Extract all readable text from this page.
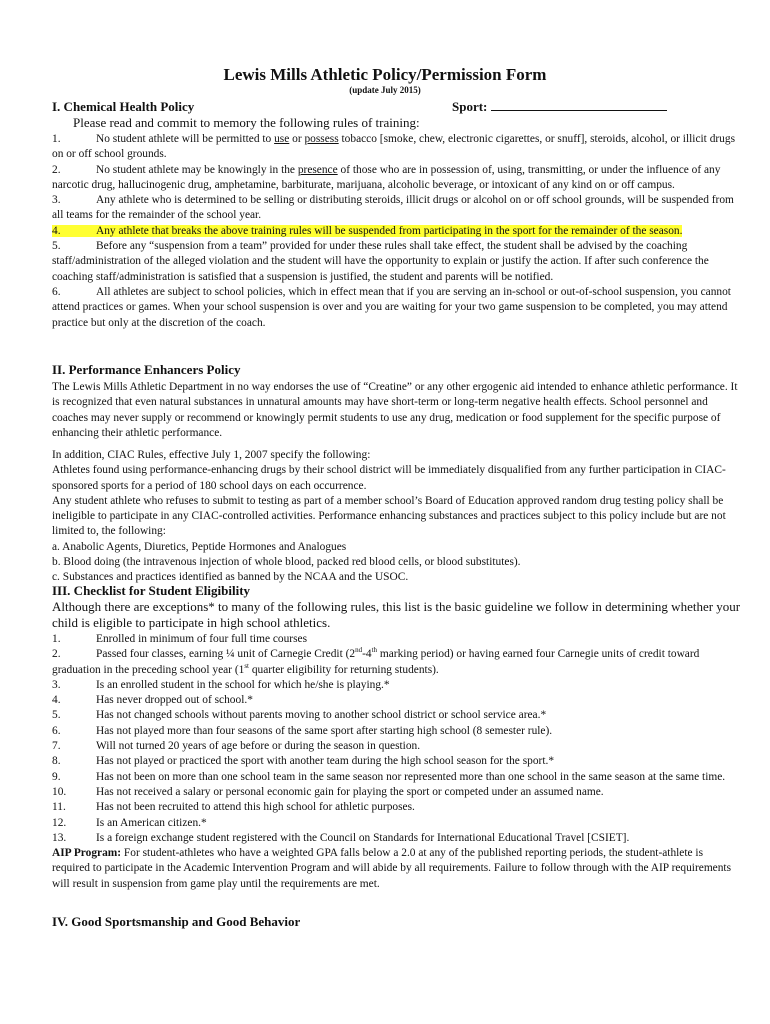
Lewis Mills Athletic Policy/Permission Form
(update July 2015)
I. Chemical Health Policy	Sport:
Please read and commit to memory the following rules of training:
1.	No student athlete will be permitted to use or possess tobacco [smoke, chew, electronic cigarettes, or snuff], steroids, alcohol, or illicit drugs on or off school grounds.
2.	No student athlete may be knowingly in the presence of those who are in possession of, using, transmitting, or under the influence of any narcotic drug, hallucinogenic drug, amphetamine, barbiturate, marijuana, alcoholic beverage, or intoxicant of any kind on or off campus.
3.	Any athlete who is determined to be selling or distributing steroids, illicit drugs or alcohol on or off school grounds, will be suspended from all teams for the remainder of the school year.
4.	Any athlete that breaks the above training rules will be suspended from participating in the sport for the remainder of the season.
5.	Before any “suspension from a team” provided for under these rules shall take effect, the student shall be advised by the coaching staff/administration of the alleged violation and the student will have the opportunity to explain or justify the action. If after such conference the coaching staff/administration is satisfied that a suspension is justified, the student and parents will be notified.
6.	All athletes are subject to school policies, which in effect mean that if you are serving an in-school or out-of-school suspension, you cannot attend practices or games. When your school suspension is over and you are waiting for your two game suspension to be completed, you may attend practice but only at the discretion of the coach.
II. Performance Enhancers Policy
The Lewis Mills Athletic Department in no way endorses the use of “Creatine” or any other ergogenic aid intended to enhance athletic performance. It is recognized that even natural substances in unnatural amounts may have short-term or long-term negative health effects. School personnel and coaches may never supply or recommend or knowingly permit students to use any drug, medication or food supplement for the specific purpose of enhancing their athletic performance.
In addition, CIAC Rules, effective July 1, 2007 specify the following:
Athletes found using performance-enhancing drugs by their school district will be immediately disqualified from any further participation in CIAC-sponsored sports for a period of 180 school days on each occurrence.
Any student athlete who refuses to submit to testing as part of a member school’s Board of Education approved random drug testing policy shall be ineligible to participate in any CIAC-controlled activities. Performance enhancing substances and practices subject to this policy include but are not limited to, the following:
a. Anabolic Agents, Diuretics, Peptide Hormones and Analogues
b. Blood doing (the intravenous injection of whole blood, packed red blood cells, or blood substitutes).
c. Substances and practices identified as banned by the NCAA and the USOC.
III. Checklist for Student Eligibility
Although there are exceptions* to many of the following rules, this list is the basic guideline we follow in determining whether your child is eligible to participate in high school athletics.
1.	Enrolled in minimum of four full time courses
2.	Passed four classes, earning ¼ unit of Carnegie Credit (2nd-4th marking period) or having earned four Carnegie units of credit toward graduation in the preceding school year (1st quarter eligibility for returning students).
3.	Is an enrolled student in the school for which he/she is playing.*
4.	Has never dropped out of school.*
5.	Has not changed schools without parents moving to another school district or school service area.*
6.	Has not played more than four seasons of the same sport after starting high school (8 semester rule).
7.	Will not turned 20 years of age before or during the season in question.
8.	Has not played or practiced the sport with another team during the high school season for the sport.*
9.	Has not been on more than one school team in the same season nor represented more than one school in the same season at the same time.
10.	Has not received a salary or personal economic gain for playing the sport or competed under an assumed name.
11.	Has not been recruited to attend this high school for athletic purposes.
12.	Is an American citizen.*
13.	Is a foreign exchange student registered with the Council on Standards for International Educational Travel [CSIET].
AIP Program: For student-athletes who have a weighted GPA falls below a 2.0 at any of the published reporting periods, the student-athlete is required to participate in the Academic Intervention Program and will abide by all requirements. Failure to follow through with the AIP requirements will result in suspension from game play until the requirements are met.
IV. Good Sportsmanship and Good Behavior
